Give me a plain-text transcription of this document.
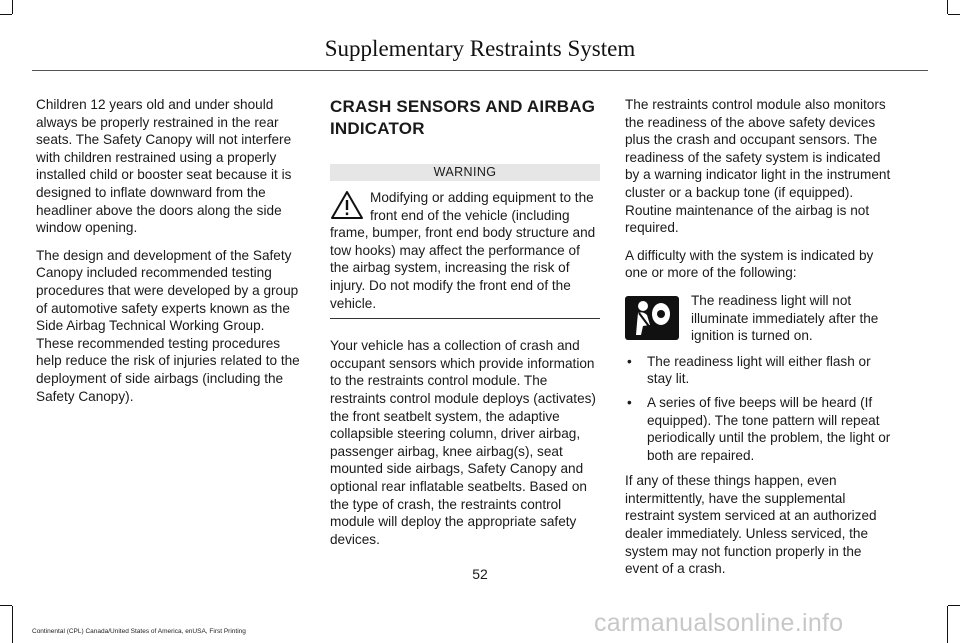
Supplementary Restraints System

Children 12 years old and under should always be properly restrained in the rear seats. The Safety Canopy will not interfere with children restrained using a properly installed child or booster seat because it is designed to inflate downward from the headliner above the doors along the side window opening.

The design and development of the Safety Canopy included recommended testing procedures that were developed by a group of automotive safety experts known as the Side Airbag Technical Working Group. These recommended testing procedures help reduce the risk of injuries related to the deployment of side airbags (including the Safety Canopy).

CRASH SENSORS AND AIRBAG
INDICATOR
WARNING
Modifying or adding equipment to the front end of the vehicle (including frame, bumper, front end body structure and tow hooks) may affect the performance of the airbag system, increasing the risk of injury. Do not modify the front end of the vehicle.

Your vehicle has a collection of crash and occupant sensors which provide information to the restraints control module. The restraints control module deploys (activates) the front seatbelt system, the adaptive collapsible steering column, driver airbag, passenger airbag, knee airbag(s), seat mounted side airbags, Safety Canopy and optional rear inflatable seatbelts. Based on the type of crash, the restraints control module will deploy the appropriate safety devices.

The restraints control module also monitors the readiness of the above safety devices plus the crash and occupant sensors. The readiness of the safety system is indicated by a warning indicator light in the instrument cluster or a backup tone (if equipped). Routine maintenance of the airbag is not required.

A difficulty with the system is indicated by one or more of the following:

The readiness light will not illuminate immediately after the ignition is turned on.
• The readiness light will either flash or stay lit.
• A series of five beeps will be heard (If equipped). The tone pattern will repeat periodically until the problem, the light or both are repaired.

If any of these things happen, even intermittently, have the supplemental restraint system serviced at an authorized dealer immediately. Unless serviced, the system may not function properly in the event of a crash.

52
Continental (CPL) Canada/United States of America, enUSA, First Printing	carmanualsonline.info
